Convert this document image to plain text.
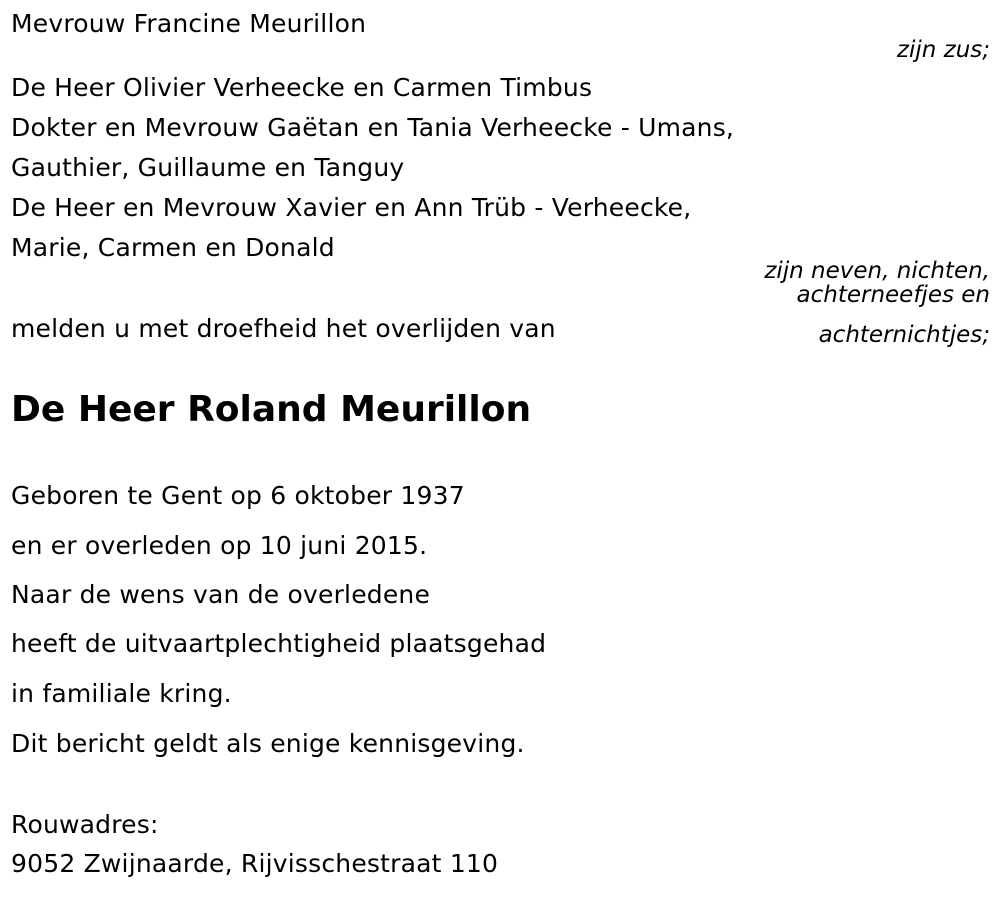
Mevrouw Francine Meurillon
zijn zus;
De Heer Olivier Verheecke en Carmen Timbus
Dokter en Mevrouw Gaëtan en Tania Verheecke - Umans,
Gauthier, Guillaume en Tanguy
De Heer en Mevrouw Xavier en Ann Trüb - Verheecke,
Marie, Carmen en Donald
zijn neven, nichten,
achterneefjes en
achternichtjes;
melden u met droefheid het overlijden van
De Heer Roland Meurillon
Geboren te Gent op 6 oktober 1937
en er overleden op 10 juni 2015.
Naar de wens van de overledene
heeft de uitvaartplechtigheid plaatsgehad
in familiale kring.
Dit bericht geldt als enige kennisgeving.
Rouwadres:
9052 Zwijnaarde, Rijvisschestraat 110
